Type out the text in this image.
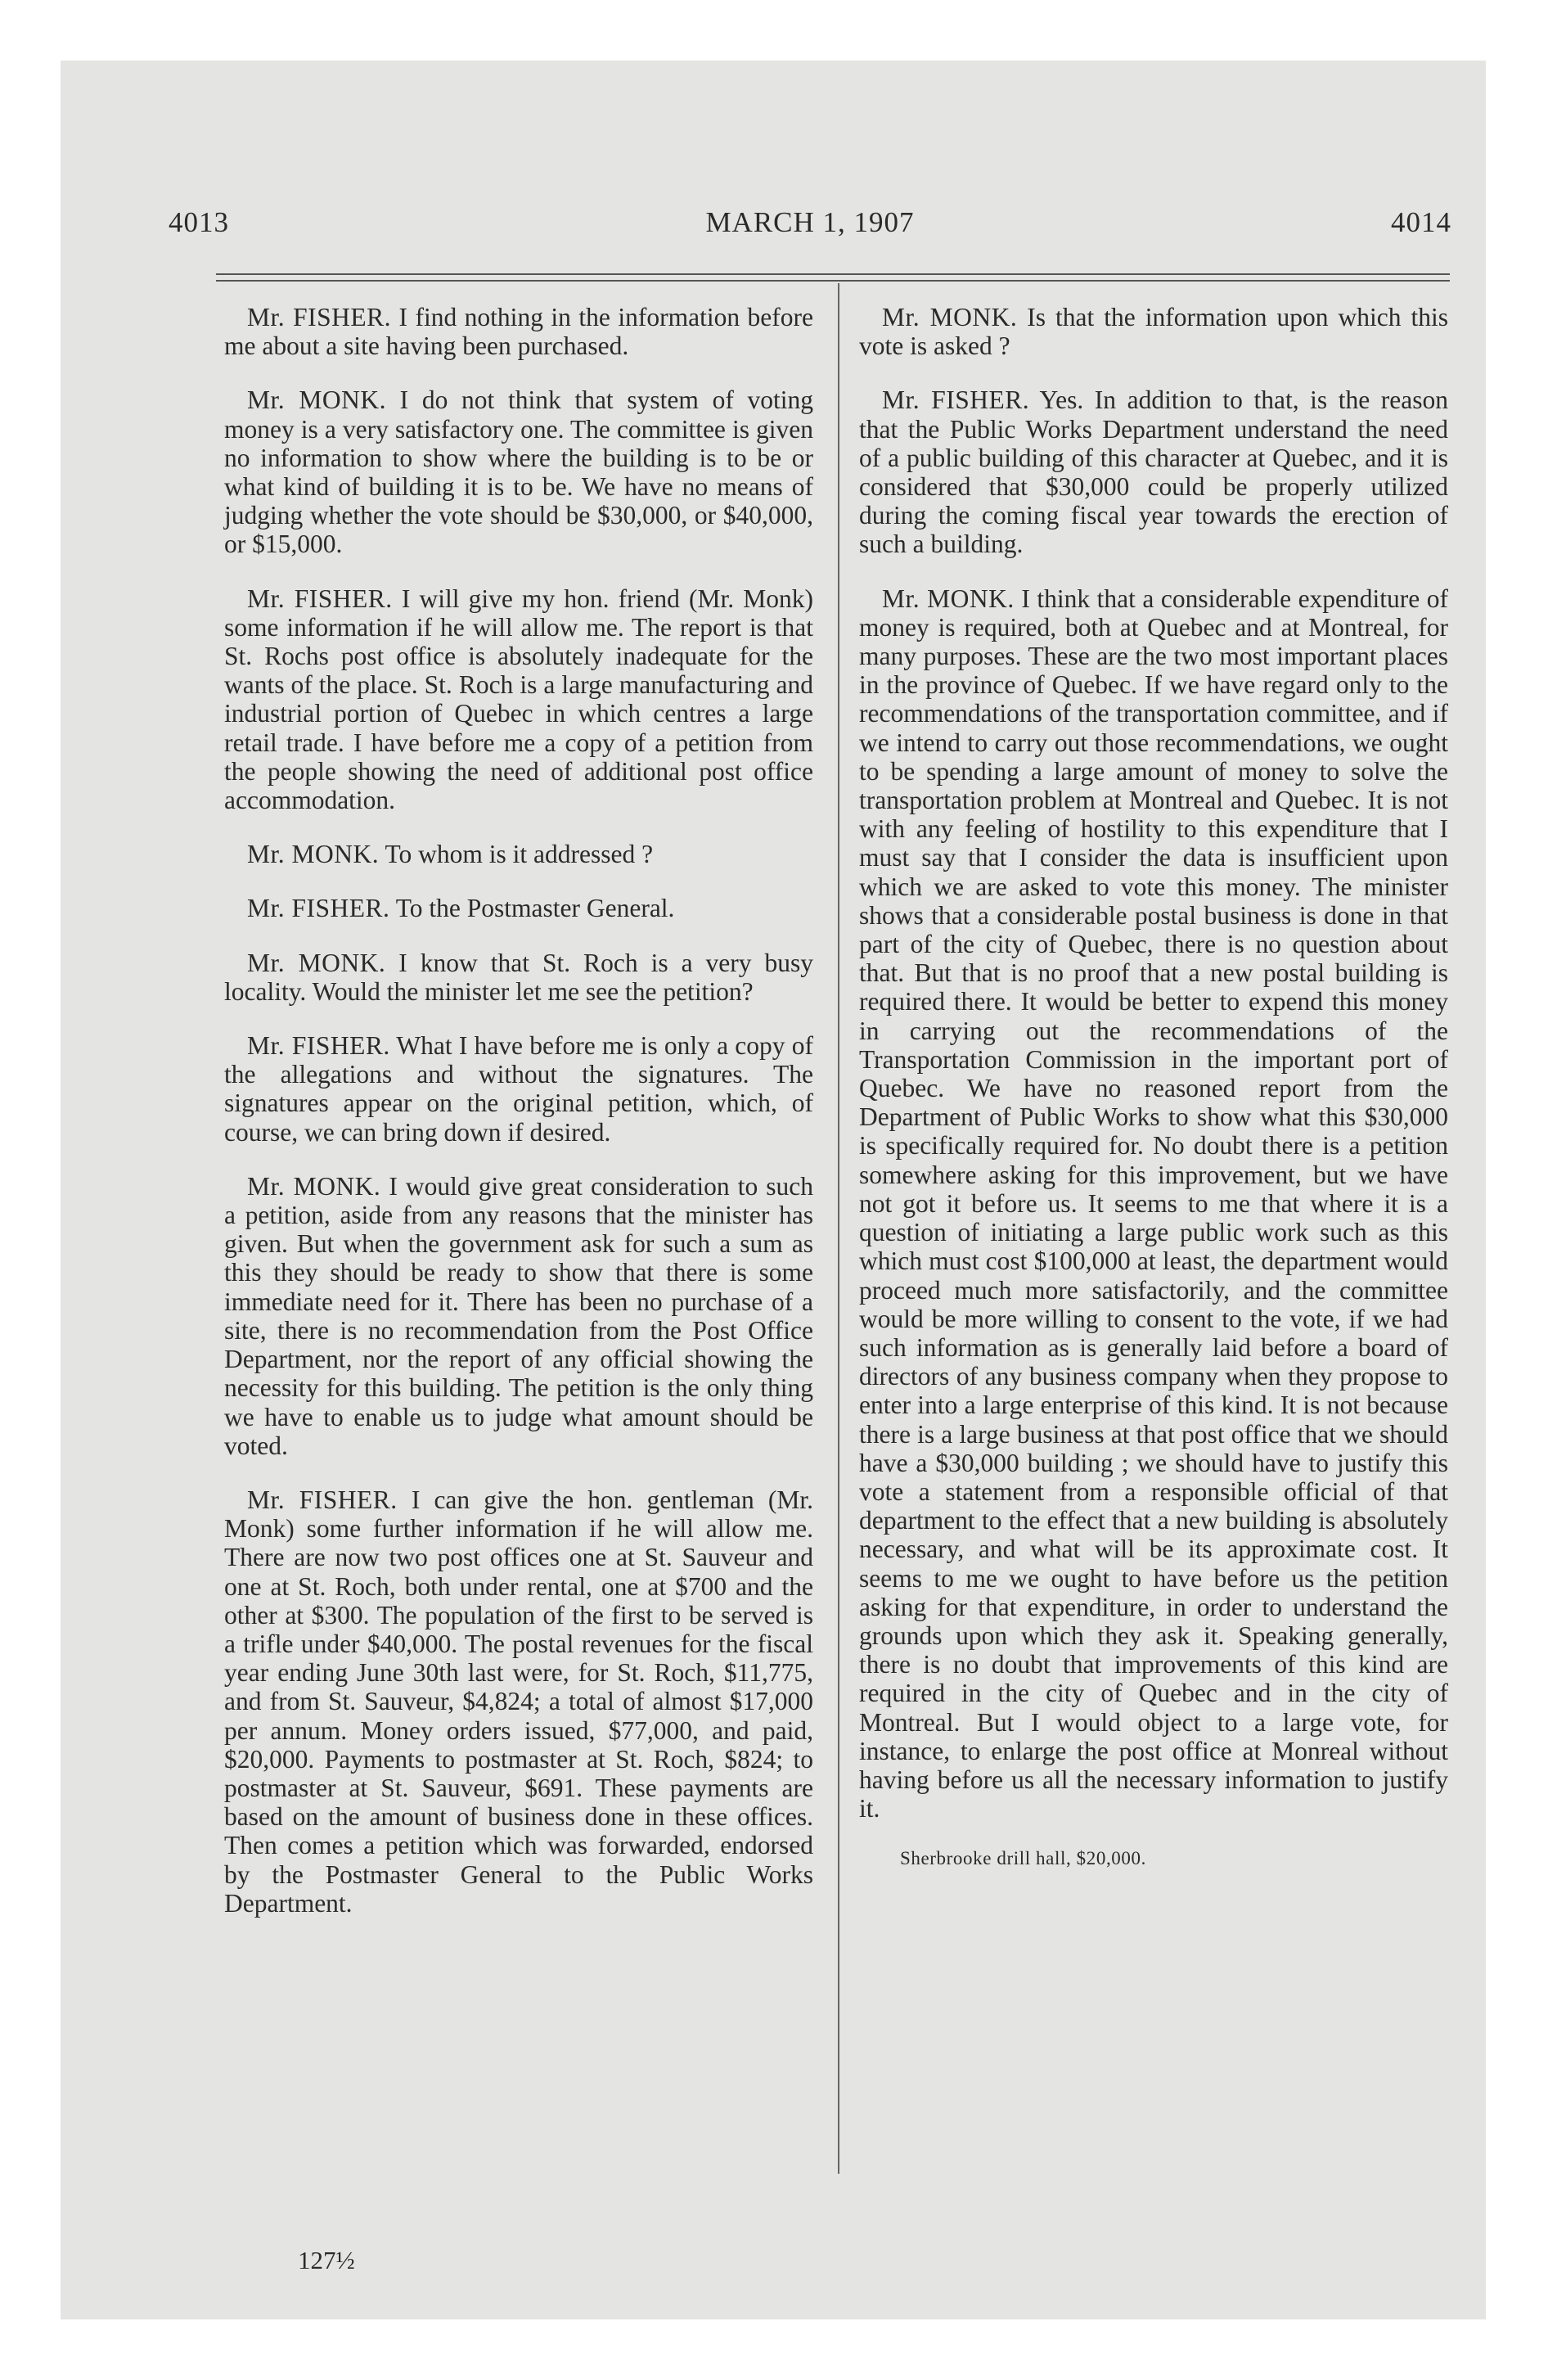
4013	MARCH 1, 1907	4014

Mr. FISHER. I find nothing in the information before me about a site having been purchased.

Mr. MONK. I do not think that system of voting money is a very satisfactory one. The committee is given no information to show where the building is to be or what kind of building it is to be. We have no means of judging whether the vote should be $30,000, or $40,000, or $15,000.

Mr. FISHER. I will give my hon. friend (Mr. Monk) some information if he will allow me. The report is that St. Rochs post office is absolutely inadequate for the wants of the place. St. Roch is a large manufacturing and industrial portion of Quebec in which centres a large retail trade. I have before me a copy of a petition from the people showing the need of additional post office accommodation.

Mr. MONK. To whom is it addressed ?

Mr. FISHER. To the Postmaster General.

Mr. MONK. I know that St. Roch is a very busy locality. Would the minister let me see the petition?

Mr. FISHER. What I have before me is only a copy of the allegations and without the signatures. The signatures appear on the original petition, which, of course, we can bring down if desired.

Mr. MONK. I would give great consideration to such a petition, aside from any reasons that the minister has given. But when the government ask for such a sum as this they should be ready to show that there is some immediate need for it. There has been no purchase of a site, there is no recommendation from the Post Office Department, nor the report of any official showing the necessity for this building. The petition is the only thing we have to enable us to judge what amount should be voted.

Mr. FISHER. I can give the hon. gentleman (Mr. Monk) some further information if he will allow me. There are now two post offices one at St. Sauveur and one at St. Roch, both under rental, one at $700 and the other at $300. The population of the first to be served is a trifle under $40,000. The postal revenues for the fiscal year ending June 30th last were, for St. Roch, $11,775, and from St. Sauveur, $4,824; a total of almost $17,000 per annum. Money orders issued, $77,000, and paid, $20,000. Payments to postmaster at St. Roch, $824; to postmaster at St. Sauveur, $691. These payments are based on the amount of business done in these offices. Then comes a petition which was forwarded, endorsed by the Postmaster General to the Public Works Department.

Mr. MONK. Is that the information upon which this vote is asked ?

Mr. FISHER. Yes. In addition to that, is the reason that the Public Works Department understand the need of a public building of this character at Quebec, and it is considered that $30,000 could be properly utilized during the coming fiscal year towards the erection of such a building.

Mr. MONK. I think that a considerable expenditure of money is required, both at Quebec and at Montreal, for many purposes. These are the two most important places in the province of Quebec. If we have regard only to the recommendations of the transportation committee, and if we intend to carry out those recommendations, we ought to be spending a large amount of money to solve the transportation problem at Montreal and Quebec. It is not with any feeling of hostility to this expenditure that I must say that I consider the data is insufficient upon which we are asked to vote this money. The minister shows that a considerable postal business is done in that part of the city of Quebec, there is no question about that. But that is no proof that a new postal building is required there. It would be better to expend this money in carrying out the recommendations of the Transportation Commission in the important port of Quebec. We have no reasoned report from the Department of Public Works to show what this $30,000 is specifically required for. No doubt there is a petition somewhere asking for this improvement, but we have not got it before us. It seems to me that where it is a question of initiating a large public work such as this which must cost $100,000 at least, the department would proceed much more satisfactorily, and the committee would be more willing to consent to the vote, if we had such information as is generally laid before a board of directors of any business company when they propose to enter into a large enterprise of this kind. It is not because there is a large business at that post office that we should have a $30,000 building ; we should have to justify this vote a statement from a responsible official of that department to the effect that a new building is absolutely necessary, and what will be its approximate cost. It seems to me we ought to have before us the petition asking for that expenditure, in order to understand the grounds upon which they ask it. Speaking generally, there is no doubt that improvements of this kind are required in the city of Quebec and in the city of Montreal. But I would object to a large vote, for instance, to enlarge the post office at Monreal without having before us all the necessary information to justify it.

Sherbrooke drill hall, $20,000.

127½
